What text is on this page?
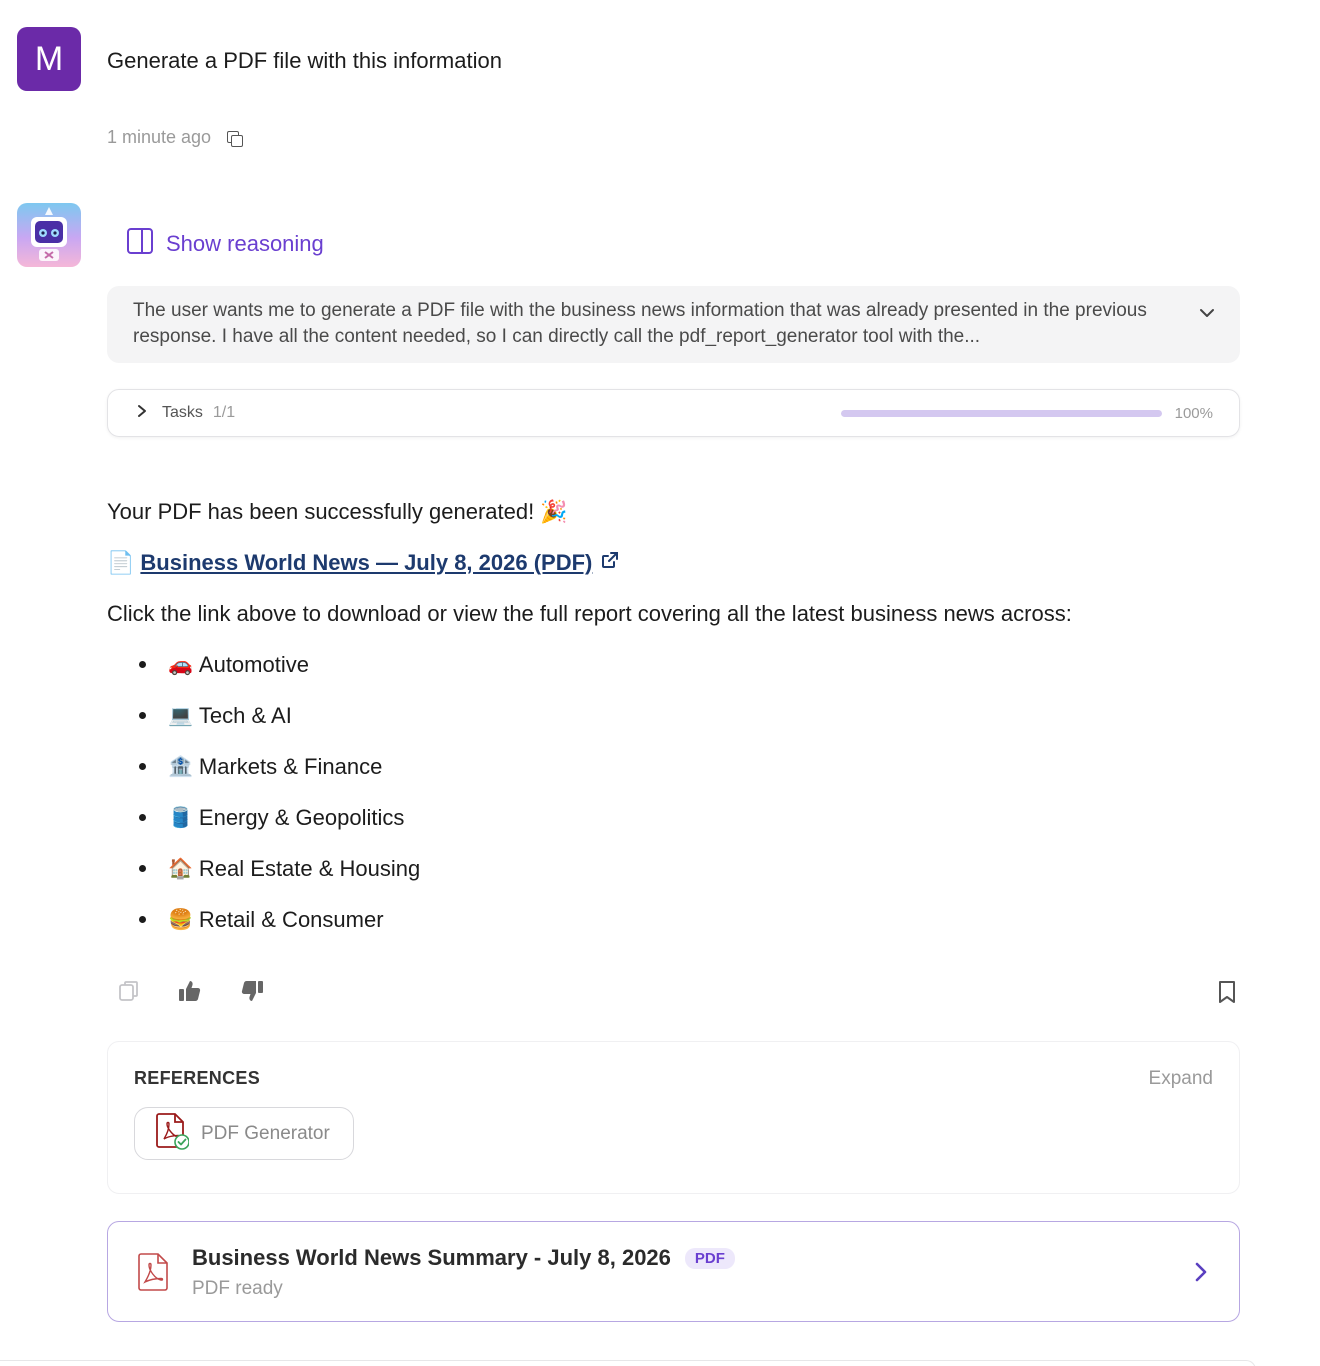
M	Generate a PDF file with this information
1 minute ago
Show reasoning
The user wants me to generate a PDF file with the business news information that was already presented in the previous response. I have all the content needed, so I can directly call the pdf_report_generator tool with the...
Tasks 1/1	100%
Your PDF has been successfully generated! 🎉
📄 Business World News — July 8, 2026 (PDF)
Click the link above to download or view the full report covering all the latest business news across:
🚗 Automotive
💻 Tech & AI
🏦 Markets & Finance
🛢️ Energy & Geopolitics
🏠 Real Estate & Housing
🍔 Retail & Consumer
REFERENCES	Expand
PDF Generator
Business World News Summary - July 8, 2026	PDF
PDF ready
